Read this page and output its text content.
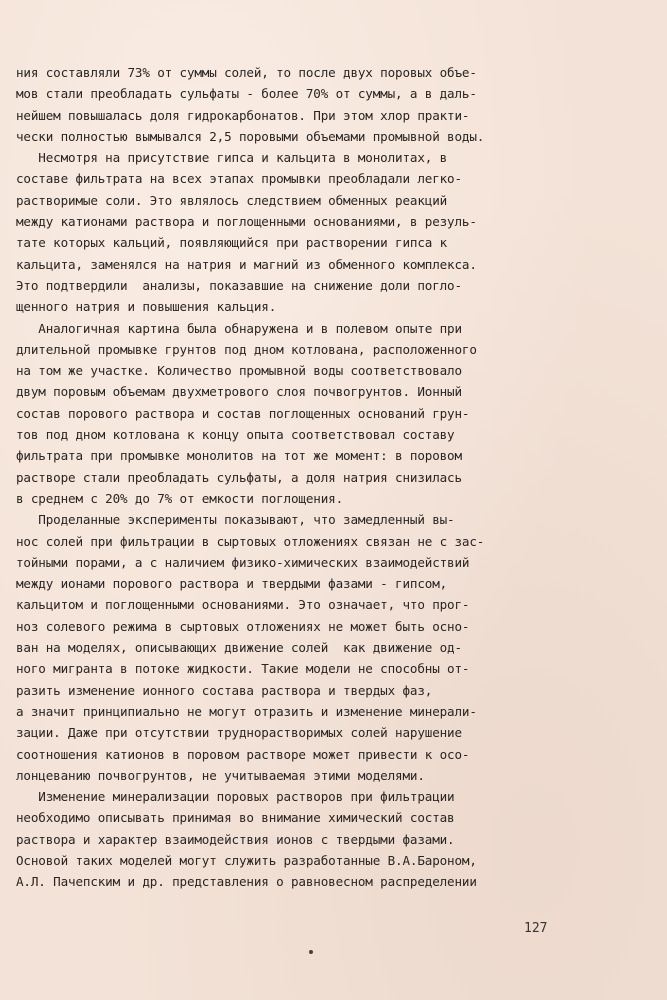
ния составляли 73% от суммы солей, то после двух поровых объе-
мов стали преобладать сульфаты - более 70% от суммы, а в даль-
нейшем повышалась доля гидрокарбонатов. При этом хлор практи-
чески полностью вымывался 2,5 поровыми объемами промывной воды.
Несмотря на присутствие гипса и кальцита в монолитах, в
составе фильтрата на всех этапах промывки преобладали легко-
растворимые соли. Это являлось следствием обменных реакций
между катионами раствора и поглощенными основаниями, в резуль-
тате которых кальций, появляющийся при растворении гипса к
кальцита, заменялся на натрия и магний из обменного комплекса.
Это подтвердили  анализы, показавшие на снижение доли погло-
щенного натрия и повышения кальция.
Аналогичная картина была обнаружена и в полевом опыте при
длительной промывке грунтов под дном котлована, расположенного
на том же участке. Количество промывной воды соответствовало
двум поровым объемам двухметрового слоя почвогрунтов. Ионный
состав порового раствора и состав поглощенных оснований грун-
тов под дном котлована к концу опыта соответствовал составу
фильтрата при промывке монолитов на тот же момент: в поровом
растворе стали преобладать сульфаты, а доля натрия снизилась
в среднем с 20% до 7% от емкости поглощения.
Проделанные эксперименты показывают, что замедленный вы-
нос солей при фильтрации в сыртовых отложениях связан не с зас-
тойными порами, а с наличием физико-химических взаимодействий
между ионами порового раствора и твердыми фазами - гипсом,
кальцитом и поглощенными основаниями. Это означает, что прог-
ноз солевого режима в сыртовых отложениях не может быть осно-
ван на моделях, описывающих движение солей  как движение од-
ного мигранта в потоке жидкости. Такие модели не способны от-
разить изменение ионного состава раствора и твердых фаз,
а значит принципиально не могут отразить и изменение минерали-
зации. Даже при отсутствии труднорастворимых солей нарушение
соотношения катионов в поровом растворе может привести к осо-
лонцеванию почвогрунтов, не учитываемая этими моделями.
Изменение минерализации поровых растворов при фильтрации
необходимо описывать принимая во внимание химический состав
раствора и характер взаимодействия ионов с твердыми фазами.
Основой таких моделей могут служить разработанные В.А.Бароном,
А.Л. Пачепским и др. представления о равновесном распределении
127
